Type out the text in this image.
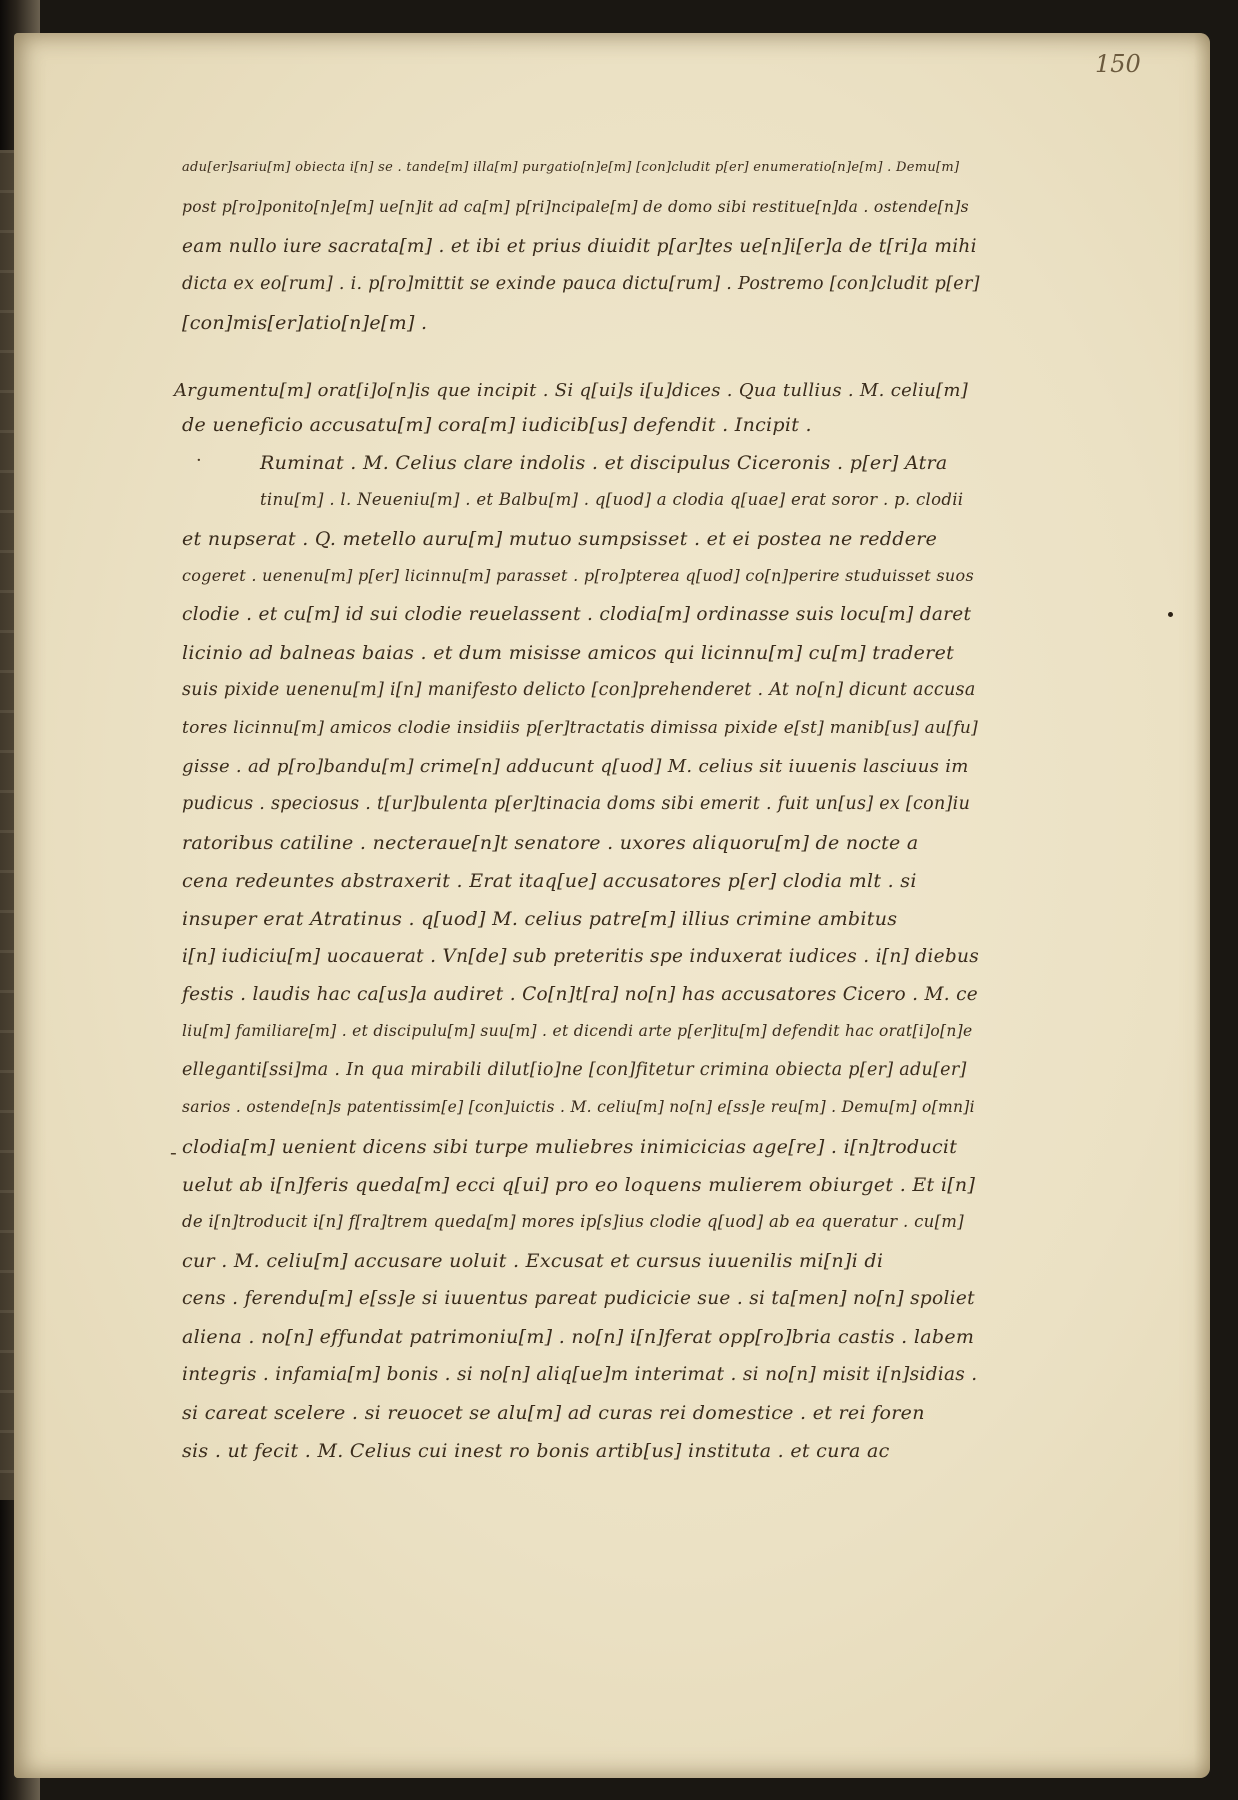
150
adu[er]sariu[m] obiecta i[n] se . tande[m] illa[m] purgatio[n]e[m] [con]cludit p[er] enumeratio[n]e[m] . Demu[m]
post p[ro]ponito[n]e[m] ue[n]it ad ca[m] p[ri]ncipale[m] de domo sibi restitue[n]da . ostende[n]s
eam nullo iure sacrata[m] . et ibi et prius diuidit p[ar]tes ue[n]i[er]a de t[ri]a mihi
dicta ex eo[rum] . i. p[ro]mittit se exinde pauca dictu[rum] . Postremo [con]cludit p[er]
[con]mis[er]atio[n]e[m] .
Argumentu[m] orat[i]o[n]is que incipit . Si q[ui]s i[u]dices . Qua tullius . M. celiu[m]
de ueneficio accusatu[m] cora[m] iudicib[us] defendit . Incipit .
Ruminat . M. Celius clare indolis . et discipulus Ciceronis . p[er] Atra
tinu[m] . l. Neueniu[m] . et Balbu[m] . q[uod] a clodia q[uae] erat soror . p. clodii
et nupserat . Q. metello auru[m] mutuo sumpsisset . et ei postea ne reddere
cogeret . uenenu[m] p[er] licinnu[m] parasset . p[ro]pterea q[uod] co[n]perire studuisset suos
clodie . et cu[m] id sui clodie reuelassent . clodia[m] ordinasse suis locu[m] daret
licinio ad balneas baias . et dum misisse amicos qui licinnu[m] cu[m] traderet
suis pixide uenenu[m] i[n] manifesto delicto [con]prehenderet . At no[n] dicunt accusa
tores licinnu[m] amicos clodie insidiis p[er]tractatis dimissa pixide e[st] manib[us] au[fu]
gisse . ad p[ro]bandu[m] crime[n] adducunt q[uod] M. celius sit iuuenis lasciuus im
pudicus . speciosus . t[ur]bulenta p[er]tinacia doms sibi emerit . fuit un[us] ex [con]iu
ratoribus catiline . necteraue[n]t senatore . uxores aliquoru[m] de nocte a
cena redeuntes abstraxerit . Erat itaq[ue] accusatores p[er] clodia mlt . si
insuper erat Atratinus . q[uod] M. celius patre[m] illius crimine ambitus
i[n] iudiciu[m] uocauerat . Vn[de] sub preteritis spe induxerat iudices . i[n] diebus
festis . laudis hac ca[us]a audiret . Co[n]t[ra] no[n] has accusatores Cicero . M. ce
liu[m] familiare[m] . et discipulu[m] suu[m] . et dicendi arte p[er]itu[m] defendit hac orat[i]o[n]e
elleganti[ssi]ma . In qua mirabili dilut[io]ne [con]fitetur crimina obiecta p[er] adu[er]
sarios . ostende[n]s patentissim[e] [con]uictis . M. celiu[m] no[n] e[ss]e reu[m] . Demu[m] o[mn]i
clodia[m] uenient dicens sibi turpe muliebres inimicicias age[re] . i[n]troducit
uelut ab i[n]feris queda[m] ecci q[ui] pro eo loquens mulierem obiurget . Et i[n]
de i[n]troducit i[n] f[ra]trem queda[m] mores ip[s]ius clodie q[uod] ab ea queratur . cu[m]
cur . M. celiu[m] accusare uoluit . Excusat et cursus iuuenilis mi[n]i di
cens . ferendu[m] e[ss]e si iuuentus pareat pudicicie sue . si ta[men] no[n] spoliet
aliena . no[n] effundat patrimoniu[m] . no[n] i[n]ferat opp[ro]bria castis . labem
integris . infamia[m] bonis . si no[n] aliq[ue]m interimat . si no[n] misit i[n]sidias .
si careat scelere . si reuocet se alu[m] ad curas rei domestice . et rei foren
sis . ut fecit . M. Celius cui inest ro bonis artib[us] instituta . et cura ac
·
-
